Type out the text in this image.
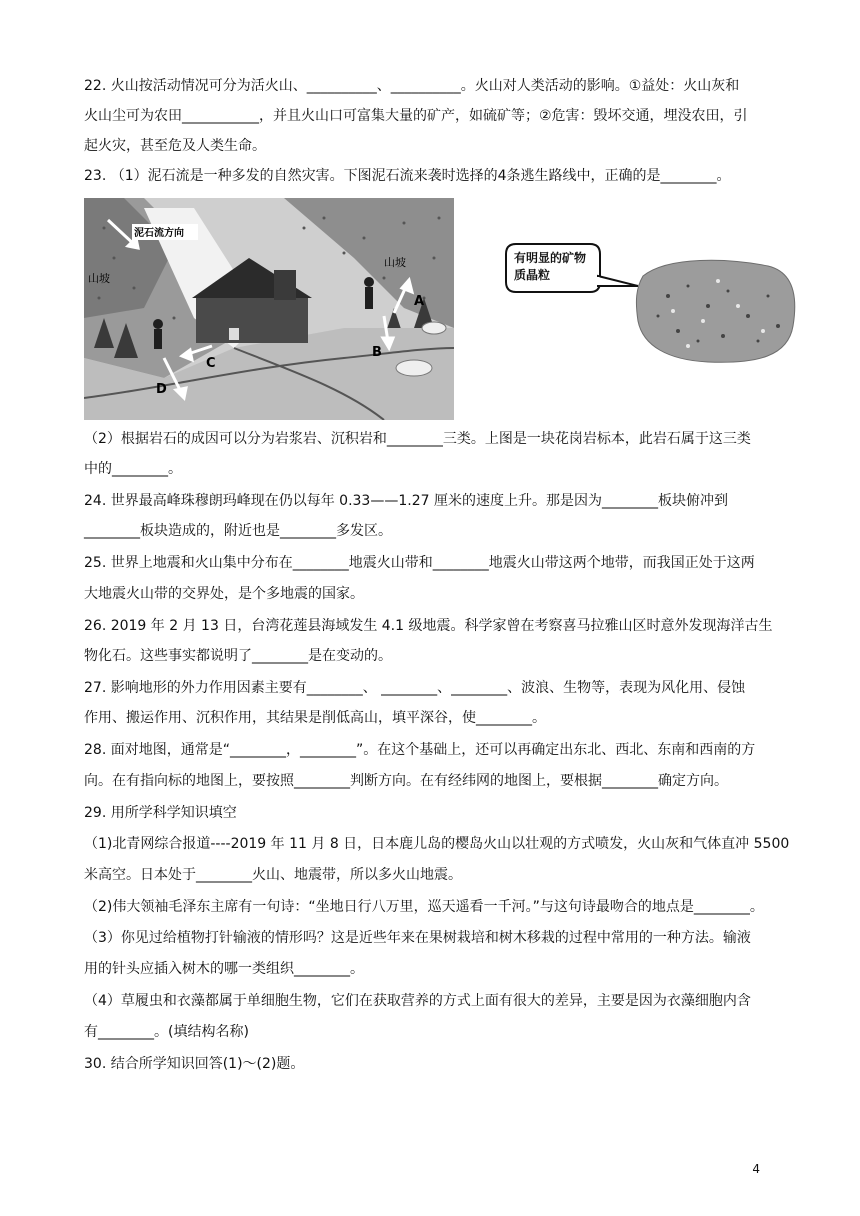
22. 火山按活动情况可分为活火山、__________、__________。火山对人类活动的影响。①益处：火山灰和
火山尘可为农田___________，并且火山口可富集大量的矿产，如硫矿等；②危害：毁坏交通，埋没农田，引
起火灾，甚至危及人类生命。
23. （1）泥石流是一种多发的自然灾害。下图泥石流来袭时选择的4条逃生路线中，正确的是________。
泥石流方向
山坡
山坡
A
B
C
D
有明显的矿物质晶粒
（2）根据岩石的成因可以分为岩浆岩、沉积岩和________三类。上图是一块花岗岩标本，此岩石属于这三类
中的________。
24. 世界最高峰珠穆朗玛峰现在仍以每年 0.33——1.27 厘米的速度上升。那是因为________板块俯冲到
________板块造成的，附近也是________多发区。
25. 世界上地震和火山集中分布在________地震火山带和________地震火山带这两个地带，而我国正处于这两
大地震火山带的交界处，是个多地震的国家。
26. 2019 年 2 月 13 日，台湾花莲县海域发生 4.1 级地震。科学家曾在考察喜马拉雅山区时意外发现海洋古生
物化石。这些事实都说明了________是在变动的。
27. 影响地形的外力作用因素主要有________、 ________、________、波浪、生物等，表现为风化用、侵蚀
作用、搬运作用、沉积作用，其结果是削低高山，填平深谷，使________。
28. 面对地图，通常是“________，________”。在这个基础上，还可以再确定出东北、西北、东南和西南的方
向。在有指向标的地图上，要按照________判断方向。在有经纬网的地图上，要根据________确定方向。
29. 用所学科学知识填空
（1)北青网综合报道----2019 年 11 月 8 日，日本鹿儿岛的樱岛火山以壮观的方式喷发，火山灰和气体直冲 5500
米高空。日本处于________火山、地震带，所以多火山地震。
（2)伟大领袖毛泽东主席有一句诗：“坐地日行八万里，巡天遥看一千河。”与这句诗最吻合的地点是________。
（3）你见过给植物打针输液的情形吗？这是近些年来在果树栽培和树木移栽的过程中常用的一种方法。输液
用的针头应插入树木的哪一类组织________。
（4）草履虫和衣藻都属于单细胞生物，它们在获取营养的方式上面有很大的差异，主要是因为衣藻细胞内含
有________。(填结构名称)
30. 结合所学知识回答(1)～(2)题。
4
